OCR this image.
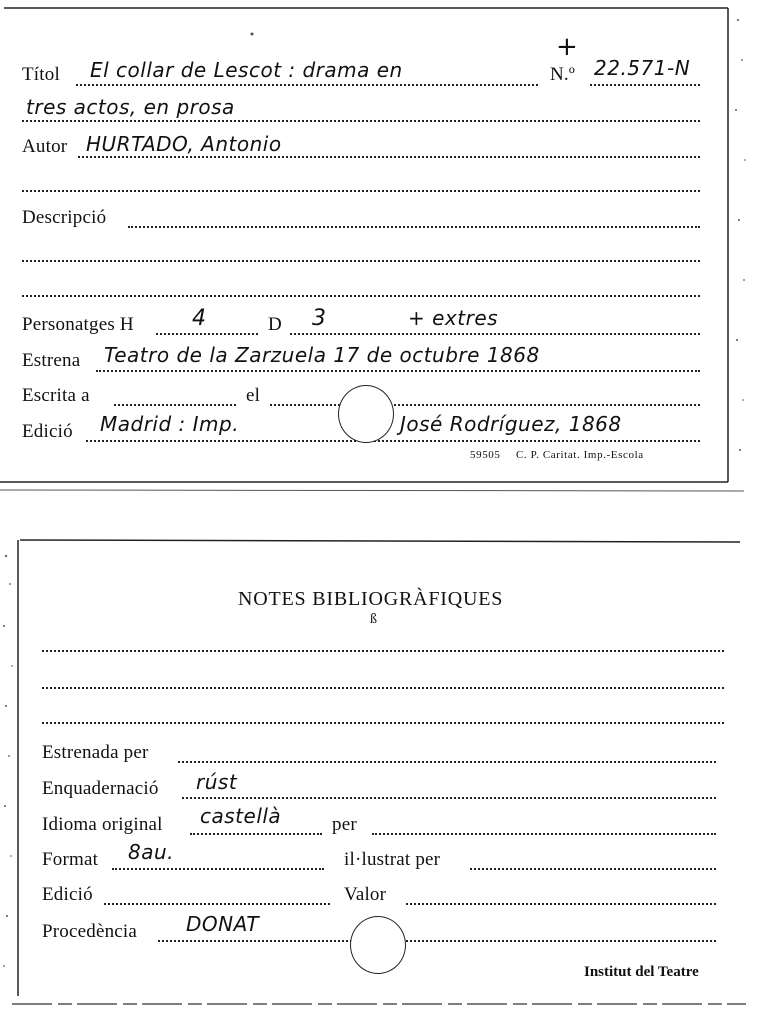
Títol El collar de Lescot : drama en	N.º 22.571-N
+
tres actos, en prosa
Autor HURTADO, Antonio
Descripció
Personatges H	4	D 3	+ extres
Estrena Teatro de la Zarzuela 17 de octubre 1868
Escrita a	el
Edició Madrid : Imp.	José Rodríguez, 1868
59505 C. P. Caritat. Imp.-Escola
NOTES BIBLIOGRÀFIQUES
ß
Estrenada per
Enquadernació rúst
Idioma original castellà	per
Format 8au.	il·lustrat per
Edició	Valor
Procedència DONAT
Institut del Teatre
